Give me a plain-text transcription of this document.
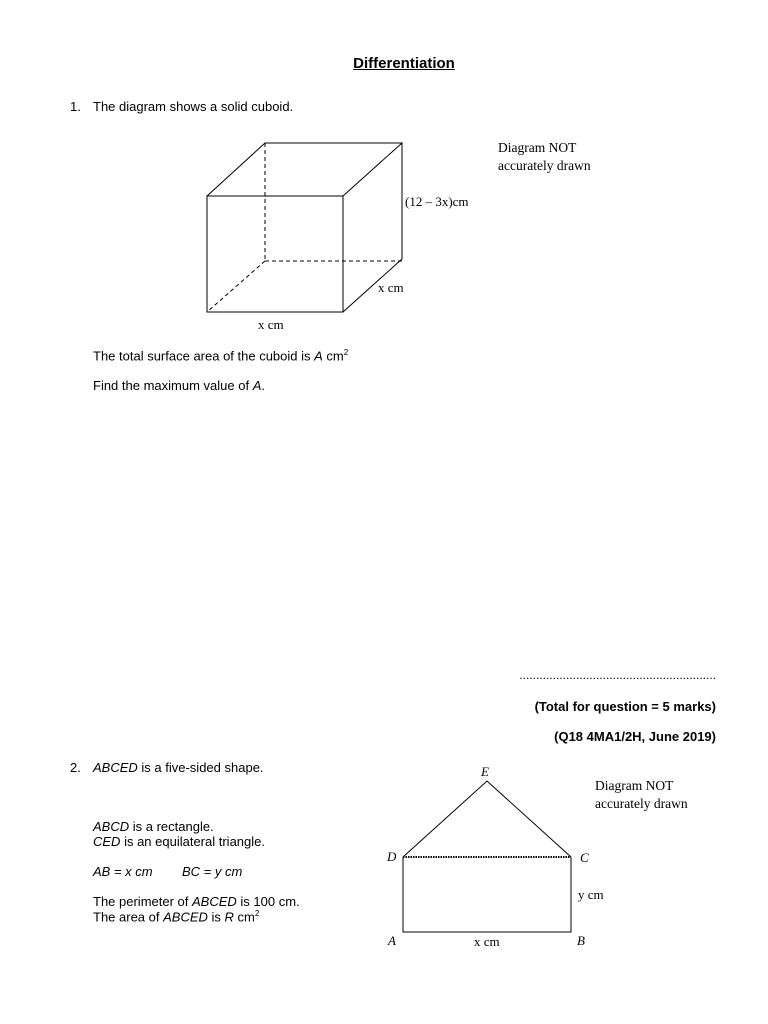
Differentiation
1. The diagram shows a solid cuboid.
Diagram NOT
accurately drawn
(12 – 3x)cm
x cm
x cm
The total surface area of the cuboid is A $cm^2$
Find the maximum value of A.
...........................................................
(Total for question = 5 marks)
(Q18 4MA1/2H, June 2019)
2. ABCED is a five-sided shape.
ABCD is a rectangle.
CED is an equilateral triangle.
AB = x cm BC = y cm
The perimeter of ABCED is 100 cm.
The area of ABCED is R $cm^2$
Diagram NOT
accurately drawn
E
D	C
A	B
y cm
x cm
